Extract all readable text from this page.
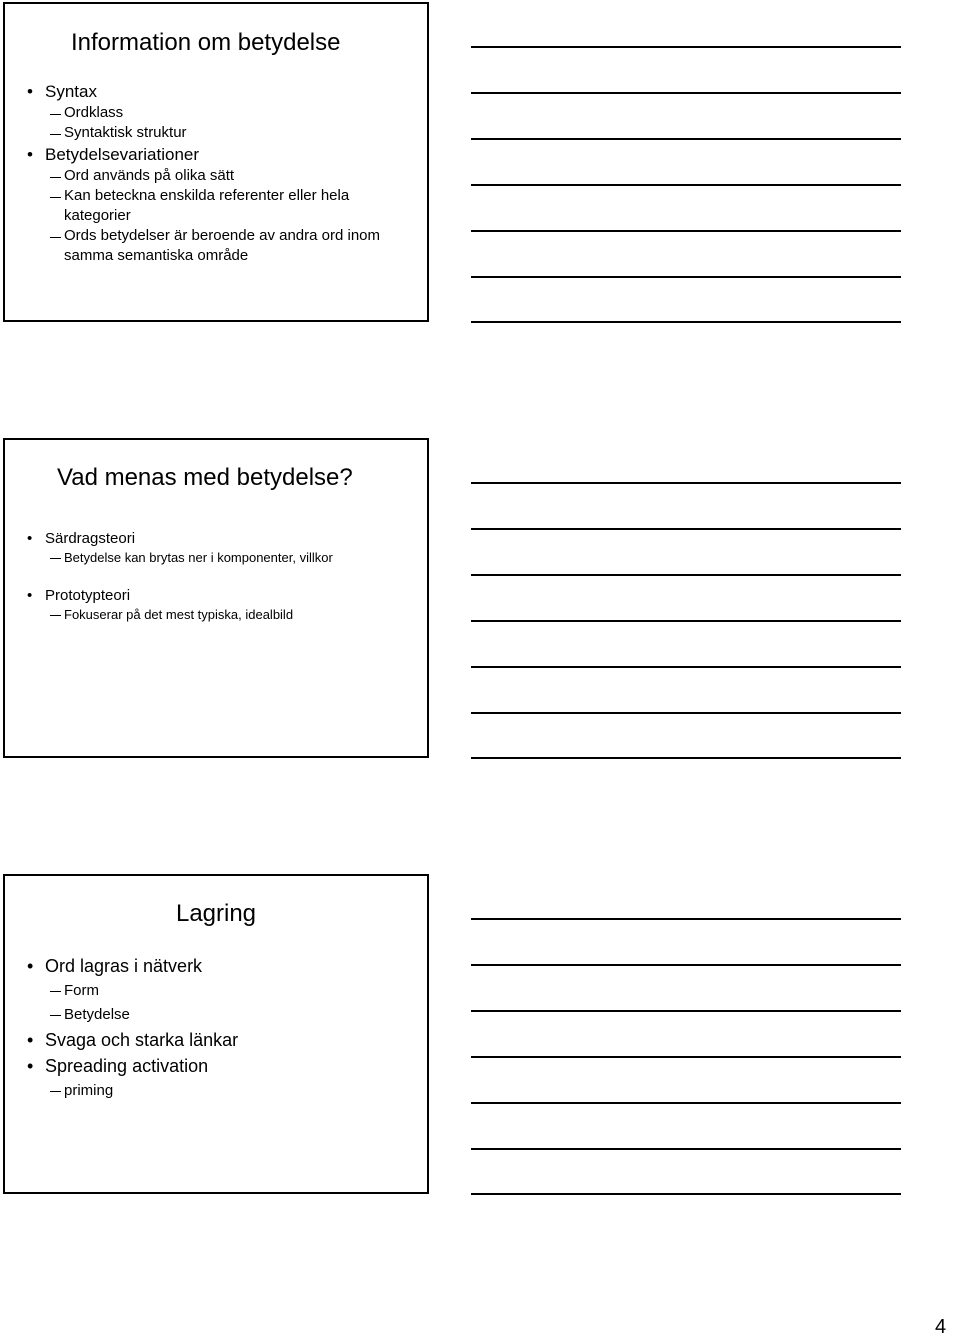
Information om betydelse
• Syntax
Ordklass
Syntaktisk struktur
• Betydelsevariationer
Ord används på olika sätt
Kan beteckna enskilda referenter eller hela kategorier
Ords betydelser är beroende av andra ord inom samma semantiska område
Vad menas med betydelse?
• Särdragsteori
Betydelse kan brytas ner i komponenter, villkor
• Prototypteori
Fokuserar på det mest typiska, idealbild
Lagring
• Ord lagras i nätverk
Form
Betydelse
• Svaga och starka länkar
• Spreading activation
priming
4
